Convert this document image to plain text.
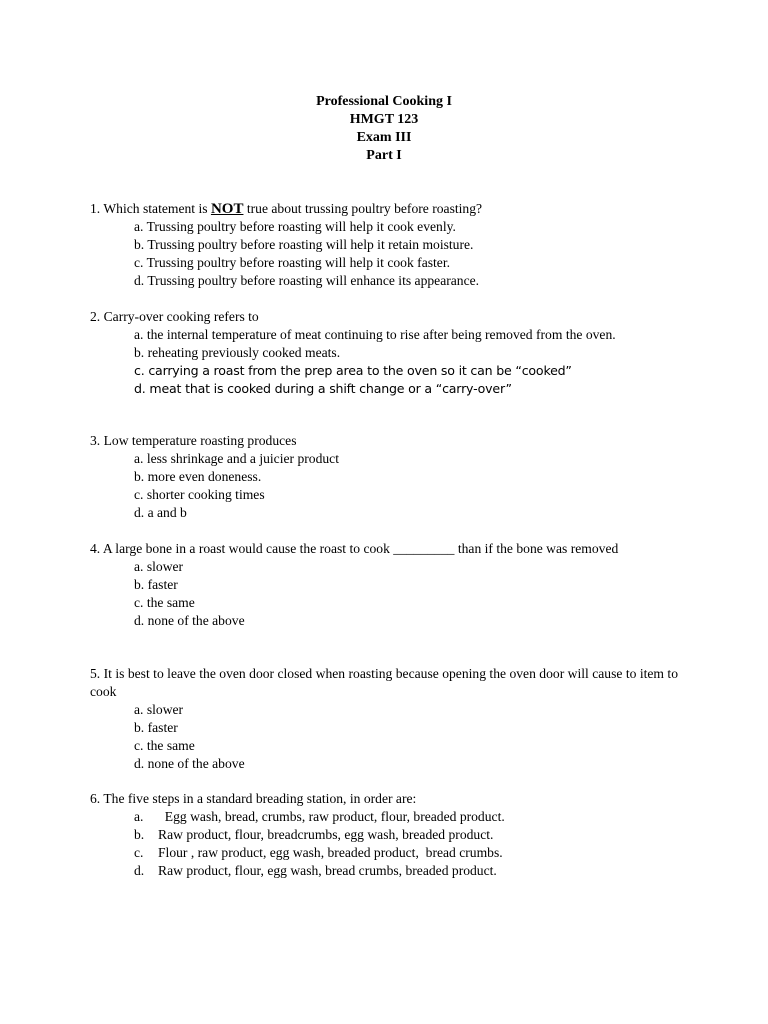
Professional Cooking I
HMGT 123
Exam III
Part I
1. Which statement is NOT true about trussing poultry before roasting?
a. Trussing poultry before roasting will help it cook evenly.
b. Trussing poultry before roasting will help it retain moisture.
c. Trussing poultry before roasting will help it cook faster.
d. Trussing poultry before roasting will enhance its appearance.
2. Carry-over cooking refers to
a. the internal temperature of meat continuing to rise after being removed from the oven.
b. reheating previously cooked meats.
c. carrying a roast from the prep area to the oven so it can be “cooked”
d. meat that is cooked during a shift change or a “carry-over”
3. Low temperature roasting produces
a. less shrinkage and a juicier product
b. more even doneness.
c. shorter cooking times
d. a and b
4. A large bone in a roast would cause the roast to cook _________ than if the bone was removed
a. slower
b. faster
c. the same
d. none of the above
5. It is best to leave the oven door closed when roasting because opening the oven door will cause to item to cook
a. slower
b. faster
c. the same
d. none of the above
6. The five steps in a standard breading station, in order are:
a.  Egg wash, bread, crumbs, raw product, flour, breaded product.
b. Raw product, flour, breadcrumbs, egg wash, breaded product.
c. Flour , raw product, egg wash, breaded product,  bread crumbs.
d. Raw product, flour, egg wash, bread crumbs, breaded product.
